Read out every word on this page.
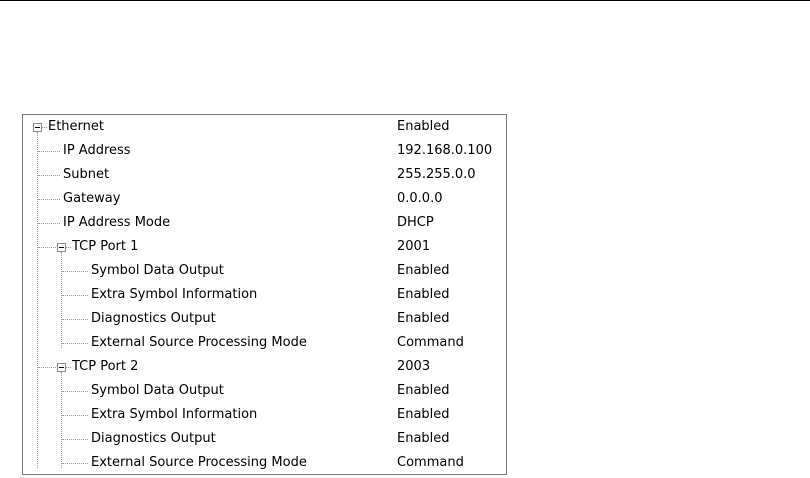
Ethernet	Enabled
IP Address	192.168.0.100
Subnet	255.255.0.0
Gateway	0.0.0.0
IP Address Mode	DHCP
TCP Port 1	2001
Symbol Data Output	Enabled
Extra Symbol Information	Enabled
Diagnostics Output	Enabled
External Source Processing Mode	Command
TCP Port 2	2003
Symbol Data Output	Enabled
Extra Symbol Information	Enabled
Diagnostics Output	Enabled
External Source Processing Mode	Command
